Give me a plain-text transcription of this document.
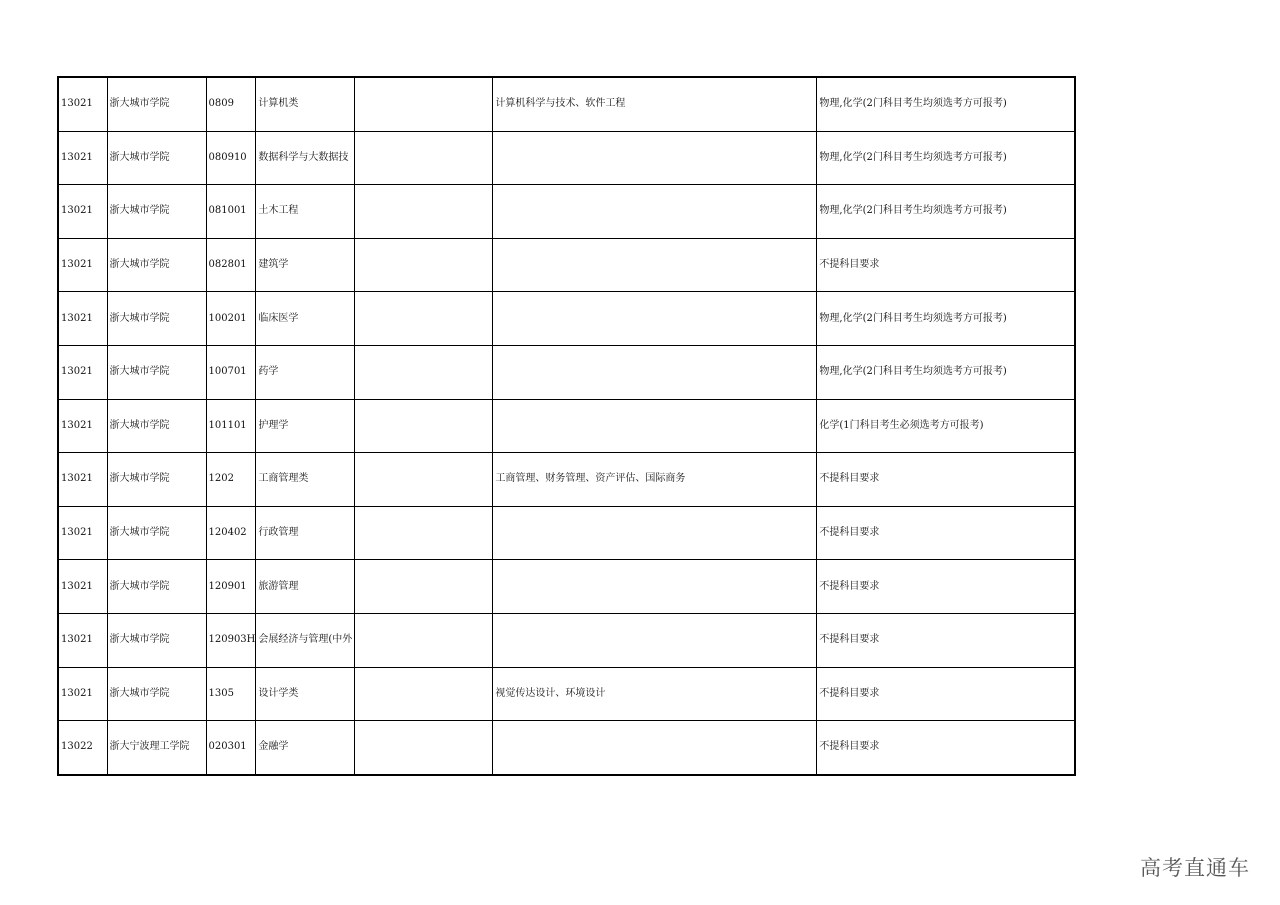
13021	浙大城市学院	0809	计算机类		计算机科学与技术、软件工程	物理,化学(2门科目考生均须选考方可报考)
13021	浙大城市学院	080910	数据科学与大数据技			物理,化学(2门科目考生均须选考方可报考)
13021	浙大城市学院	081001	土木工程			物理,化学(2门科目考生均须选考方可报考)
13021	浙大城市学院	082801	建筑学			不提科目要求
13021	浙大城市学院	100201	临床医学			物理,化学(2门科目考生均须选考方可报考)
13021	浙大城市学院	100701	药学			物理,化学(2门科目考生均须选考方可报考)
13021	浙大城市学院	101101	护理学			化学(1门科目考生必须选考方可报考)
13021	浙大城市学院	1202	工商管理类		工商管理、财务管理、资产评估、国际商务	不提科目要求
13021	浙大城市学院	120402	行政管理			不提科目要求
13021	浙大城市学院	120901	旅游管理			不提科目要求
13021	浙大城市学院	120903H	会展经济与管理(中外			不提科目要求
13021	浙大城市学院	1305	设计学类		视觉传达设计、环境设计	不提科目要求
13022	浙大宁波理工学院	020301	金融学			不提科目要求
高考直通车
